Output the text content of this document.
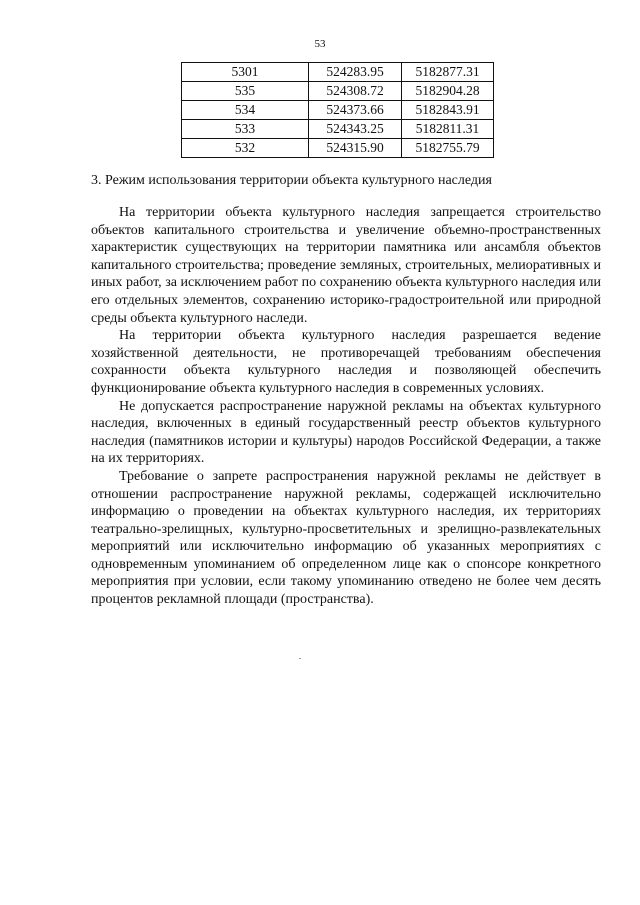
53
5301	524283.95	5182877.31
535	524308.72	5182904.28
534	524373.66	5182843.91
533	524343.25	5182811.31
532	524315.90	5182755.79
3. Режим использования территории объекта культурного наследия

На территории объекта культурного наследия запрещается строительство объектов капитального строительства и увеличение объемно-пространственных характеристик существующих на территории памятника или ансамбля объектов капитального строительства; проведение земляных, строительных, мелиоративных и иных работ, за исключением работ по сохранению объекта культурного наследия или его отдельных элементов, сохранению историко-градостроительной или природной среды объекта культурного наследи.

На территории объекта культурного наследия разрешается ведение хозяйственной деятельности, не противоречащей требованиям обеспечения сохранности объекта культурного наследия и позволяющей обеспечить функционирование объекта культурного наследия в современных условиях.

Не допускается распространение наружной рекламы на объектах культурного наследия, включенных в единый государственный реестр объектов культурного наследия (памятников истории и культуры) народов Российской Федерации, а также на их территориях.

Требование о запрете распространения наружной рекламы не действует в отношении распространение наружной рекламы, содержащей исключительно информацию о проведении на объектах культурного наследия, их территориях театрально-зрелищных, культурно-просветительных и зрелищно-развлекательных мероприятий или исключительно информацию об указанных мероприятиях с одновременным упоминанием об определенном лице как о спонсоре конкретного мероприятия при условии, если такому упоминанию отведено не более чем десять процентов рекламной площади (пространства).
